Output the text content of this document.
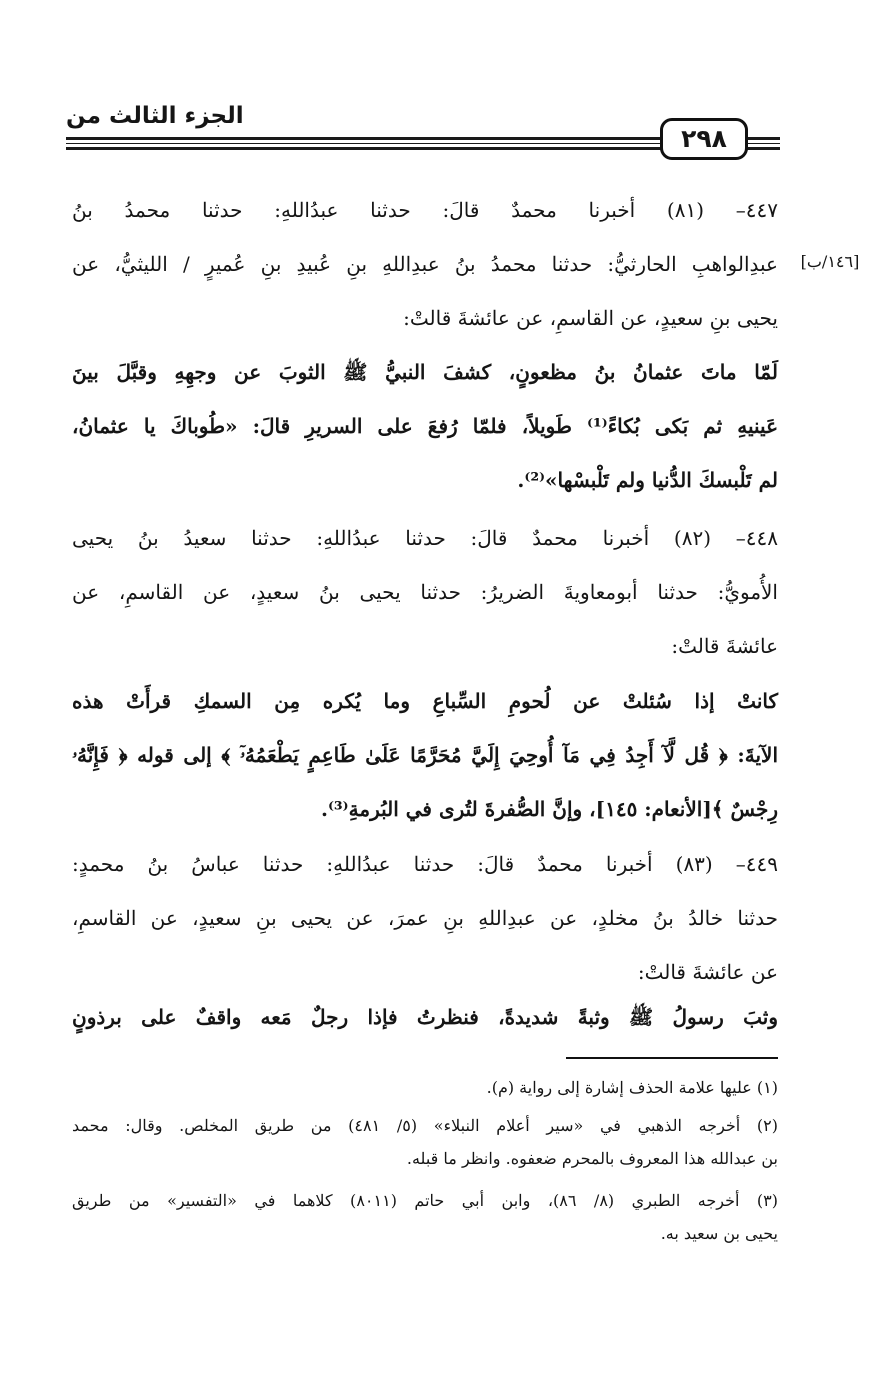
الجزء الثالث من
٢٩٨
[١٤٦/ب]
٤٤٧– (٨١) أخبرنا محمدٌ قالَ: حدثنا عبدُاللهِ: حدثنا محمدُ بنُ
عبدِالواهبِ الحارثيُّ: حدثنا محمدُ بنُ عبدِاللهِ بنِ عُبيدِ بنِ عُميرٍ / الليثيُّ، عن
يحيى بنِ سعيدٍ، عن القاسمِ، عن عائشةَ قالتْ:
لَمّا ماتَ عثمانُ بنُ مظعونٍ، كشفَ النبيُّ ﷺ الثوبَ عن وجهِهِ وقبَّلَ بينَ
عَينيهِ ثم بَكى بُكاءً⁽¹⁾ طَويلاً، فلمّا رُفعَ على السريرِ قالَ: «طُوباكَ يا عثمانُ،
لم تَلْبسكَ الدُّنيا ولم تَلْبسْها»⁽²⁾.
٤٤٨– (٨٢) أخبرنا محمدٌ قالَ: حدثنا عبدُاللهِ: حدثنا سعيدُ بنُ يحيى
الأُمويُّ: حدثنا أبومعاويةَ الضريرُ: حدثنا يحيى بنُ سعيدٍ، عن القاسمِ، عن
عائشةَ قالتْ:
كانتْ إذا سُئلتْ عن لُحومِ السِّباعِ وما يُكره مِن السمكِ قرأَتْ هذه
الآيةَ: ﴿ قُل لَّآ أَجِدُ فِي مَآ أُوحِيَ إِلَيَّ مُحَرَّمًا عَلَىٰ طَاعِمٍ يَطْعَمُهُۥٓ ﴾ إلى قوله ﴿ فَإِنَّهُۥ
رِجْسٌ ﴾[الأنعام: ١٤٥]، وإنَّ الصُّفرةَ لتُرى في البُرمةِ⁽³⁾.
٤٤٩– (٨٣) أخبرنا محمدٌ قالَ: حدثنا عبدُاللهِ: حدثنا عباسُ بنُ محمدٍ:
حدثنا خالدُ بنُ مخلدٍ، عن عبدِاللهِ بنِ عمرَ، عن يحيى بنِ سعيدٍ، عن القاسمِ،
عن عائشةَ قالتْ:
وثبَ رسولُ ﷺ وثبةً شديدةً، فنظرتُ فإذا رجلٌ مَعه واقفٌ على برذونٍ
(١) عليها علامة الحذف إشارة إلى رواية (م).
(٢) أخرجه الذهبي في «سير أعلام النبلاء» (٥/ ٤٨١) من طريق المخلص. وقال: محمد
بن عبدالله هذا المعروف بالمحرم ضعفوه. وانظر ما قبله.
(٣) أخرجه الطبري (٨/ ٨٦)، وابن أبي حاتم (٨٠١١) كلاهما في «التفسير» من طريق
يحيى بن سعيد به.
